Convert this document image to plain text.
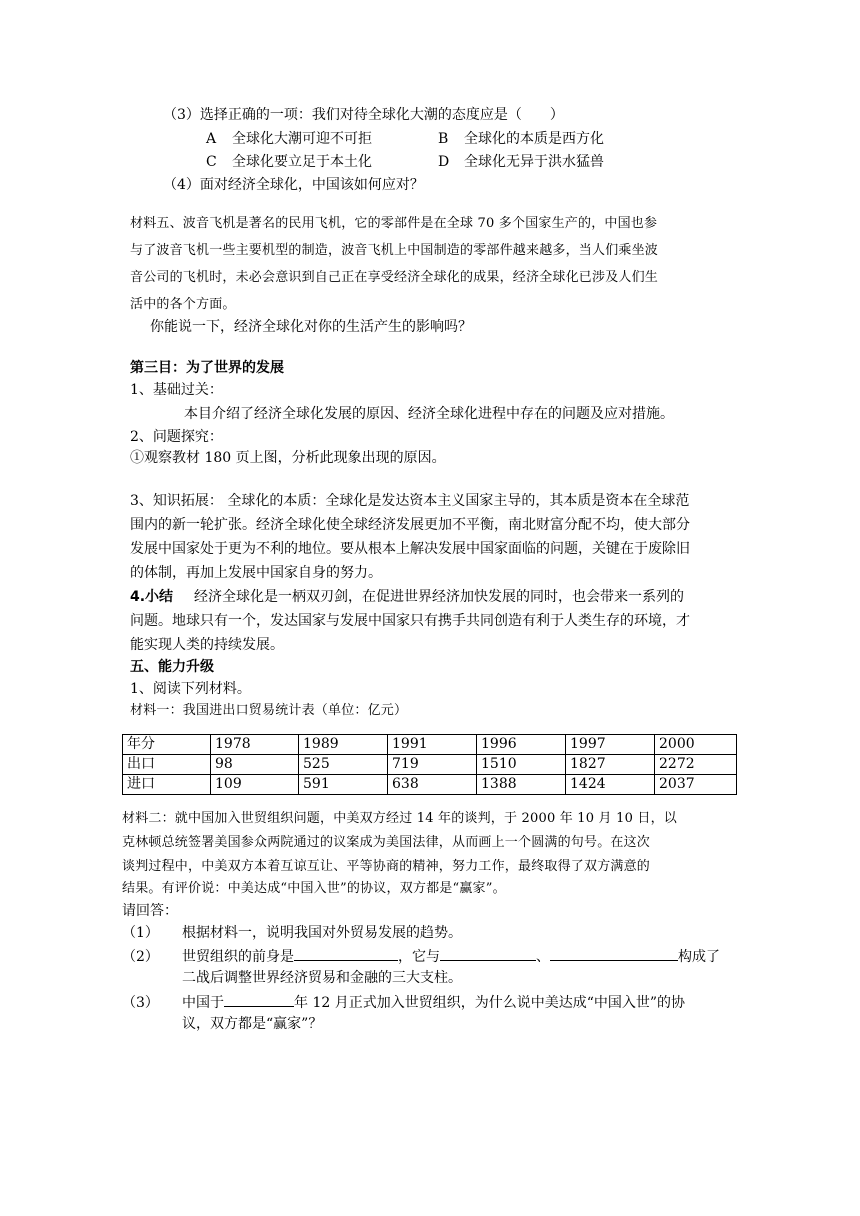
（3）选择正确的一项：我们对待全球化大潮的态度应是（　　）
A 全球化大潮可迎不可拒	B 全球化的本质是西方化
C 全球化要立足于本土化	D 全球化无异于洪水猛兽
（4）面对经济全球化，中国该如何应对？
材料五、波音飞机是著名的民用飞机，它的零部件是在全球 70 多个国家生产的，中国也参
与了波音飞机一些主要机型的制造，波音飞机上中国制造的零部件越来越多，当人们乘坐波
音公司的飞机时，未必会意识到自己正在享受经济全球化的成果，经济全球化已涉及人们生
活中的各个方面。
你能说一下，经济全球化对你的生活产生的影响吗？
第三目：为了世界的发展
1、基础过关：
本目介绍了经济全球化发展的原因、经济全球化进程中存在的问题及应对措施。
2、问题探究：
①观察教材 180 页上图，分析此现象出现的原因。
3、知识拓展： 全球化的本质：全球化是发达资本主义国家主导的，其本质是资本在全球范
围内的新一轮扩张。经济全球化使全球经济发展更加不平衡，南北财富分配不均，使大部分
发展中国家处于更为不利的地位。要从根本上解决发展中国家面临的问题，关键在于废除旧
的体制，再加上发展中国家自身的努力。
4.小结 经济全球化是一柄双刃剑，在促进世界经济加快发展的同时，也会带来一系列的
问题。地球只有一个，发达国家与发展中国家只有携手共同创造有利于人类生存的环境，才
能实现人类的持续发展。
五、能力升级
1、阅读下列材料。
材料一：我国进出口贸易统计表（单位：亿元）
年分	1978	1989	1991	1996	1997	2000
出口	98	525	719	1510	1827	2272
进口	109	591	638	1388	1424	2037
材料二：就中国加入世贸组织问题，中美双方经过 14 年的谈判，于 2000 年 10 月 10 日，以
克林顿总统签署美国参众两院通过的议案成为美国法律，从而画上一个圆满的句号。在这次
谈判过程中，中美双方本着互谅互让、平等协商的精神，努力工作，最终取得了双方满意的
结果。有评价说：中美达成“中国入世”的协议，双方都是“赢家”。
请回答：
（1） 根据材料一，说明我国对外贸易发展的趋势。
（2） 世贸组织的前身是	，它与	、	构成了
二战后调整世界经济贸易和金融的三大支柱。
（3） 中国于	年 12 月正式加入世贸组织，为什么说中美达成“中国入世”的协
议，双方都是“赢家”？
